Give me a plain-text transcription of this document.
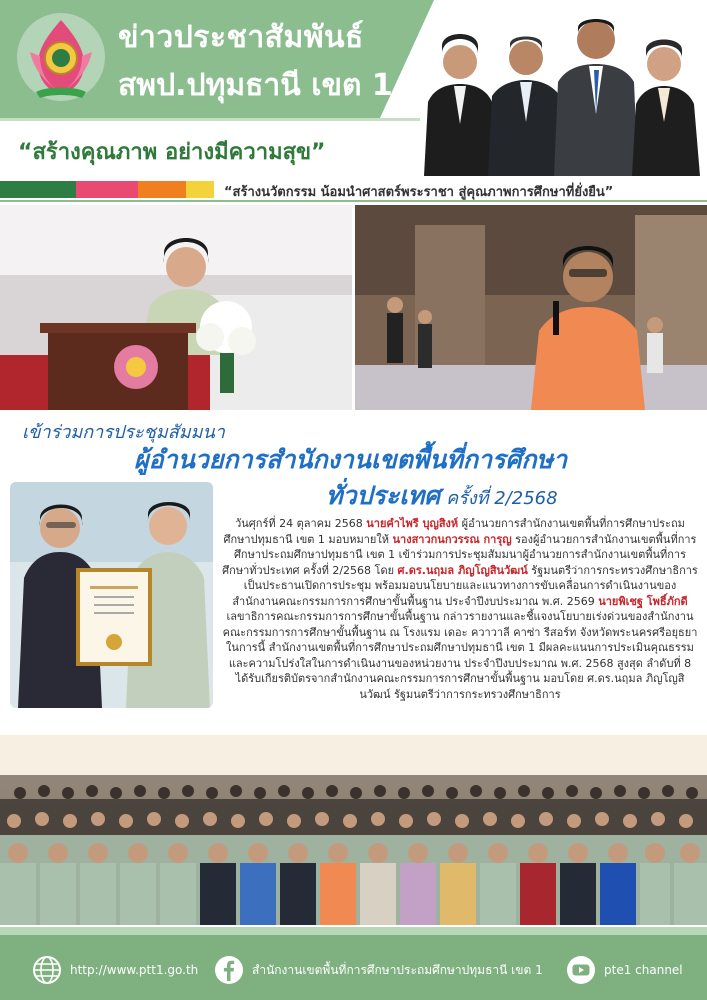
ข่าวประชาสัมพันธ์
สพป.ปทุมธานี เขต 1
“สร้างคุณภาพ อย่างมีความสุข”
“สร้างนวัตกรรม น้อมนำศาสตร์พระราชา สู่คุณภาพการศึกษาที่ยั่งยืน”
เข้าร่วมการประชุมสัมมนา
ผู้อำนวยการสำนักงานเขตพื้นที่การศึกษา
ทั่วประเทศ ครั้งที่ 2/2568
วันศุกร์ที่ 24 ตุลาคม 2568 นายคำไพรี บุญสิงห์ ผู้อำนวยการสำนักงานเขตพื้นที่การศึกษาประถมศึกษาปทุมธานี เขต 1 มอบหมายให้ นางสาวกนกวรรณ การุญ รองผู้อำนวยการสำนักงานเขตพื้นที่การศึกษาประถมศึกษาปทุมธานี เขต 1 เข้าร่วมการประชุมสัมมนาผู้อำนวยการสำนักงานเขตพื้นที่การศึกษาทั่วประเทศ ครั้งที่ 2/2568 โดย ศ.ดร.นฤมล ภิญโญสินวัฒน์ รัฐมนตรีว่าการกระทรวงศึกษาธิการ เป็นประธานเปิดการประชุม พร้อมมอบนโยบายและแนวทางการขับเคลื่อนการดำเนินงานของสำนักงานคณะกรรมการการศึกษาขั้นพื้นฐาน ประจำปีงบประมาณ พ.ศ. 2569 นายพิเชฐ โพธิ์ภักดี เลขาธิการคณะกรรมการการศึกษาขั้นพื้นฐาน กล่าวรายงานและชี้แจงนโยบายเร่งด่วนของสำนักงานคณะกรรมการการศึกษาขั้นพื้นฐาน ณ โรงแรม เดอะ ควาวาลี คาซ่า รีสอร์ท จังหวัดพระนครศรีอยุธยา ในการนี้ สำนักงานเขตพื้นที่การศึกษาประถมศึกษาปทุมธานี เขต 1 มีผลคะแนนการประเมินคุณธรรมและความโปร่งใสในการดำเนินงานของหน่วยงาน ประจำปีงบประมาณ พ.ศ. 2568 สูงสุด ลำดับที่ 8 ได้รับเกียรติบัตรจากสำนักงานคณะกรรมการการศึกษาขั้นพื้นฐาน มอบโดย ศ.ดร.นฤมล ภิญโญสินวัฒน์ รัฐมนตรีว่าการกระทรวงศึกษาธิการ
http://www.ptt1.go.th	สำนักงานเขตพื้นที่การศึกษาประถมศึกษาปทุมธานี เขต 1	pte1 channel
